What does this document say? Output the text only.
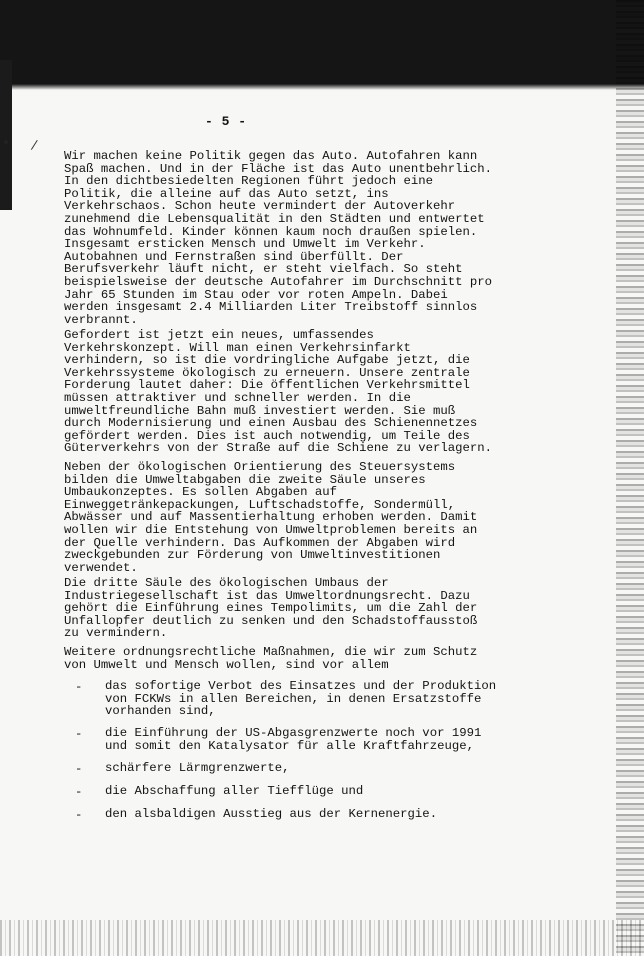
/
- 5 -

Wir machen keine Politik gegen das Auto. Autofahren kann
Spaß machen. Und in der Fläche ist das Auto unentbehrlich.
In den dichtbesiedelten Regionen führt jedoch eine
Politik, die alleine auf das Auto setzt, ins
Verkehrschaos. Schon heute vermindert der Autoverkehr
zunehmend die Lebensqualität in den Städten und entwertet
das Wohnumfeld. Kinder können kaum noch draußen spielen.
Insgesamt ersticken Mensch und Umwelt im Verkehr.
Autobahnen und Fernstraßen sind überfüllt. Der
Berufsverkehr läuft nicht, er steht vielfach. So steht
beispielsweise der deutsche Autofahrer im Durchschnitt pro
Jahr 65 Stunden im Stau oder vor roten Ampeln. Dabei
werden insgesamt 2.4 Milliarden Liter Treibstoff sinnlos
verbrannt.

Gefordert ist jetzt ein neues, umfassendes
Verkehrskonzept. Will man einen Verkehrsinfarkt
verhindern, so ist die vordringliche Aufgabe jetzt, die
Verkehrssysteme ökologisch zu erneuern. Unsere zentrale
Forderung lautet daher: Die öffentlichen Verkehrsmittel
müssen attraktiver und schneller werden. In die
umweltfreundliche Bahn muß investiert werden. Sie muß
durch Modernisierung und einen Ausbau des Schienennetzes
gefördert werden. Dies ist auch notwendig, um Teile des
Güterverkehrs von der Straße auf die Schiene zu verlagern.

Neben der ökologischen Orientierung des Steuersystems
bilden die Umweltabgaben die zweite Säule unseres
Umbaukonzeptes. Es sollen Abgaben auf
Einweggetränkepackungen, Luftschadstoffe, Sondermüll,
Abwässer und auf Massentierhaltung erhoben werden. Damit
wollen wir die Entstehung von Umweltproblemen bereits an
der Quelle verhindern. Das Aufkommen der Abgaben wird
zweckgebunden zur Förderung von Umweltinvestitionen
verwendet.

Die dritte Säule des ökologischen Umbaus der
Industriegesellschaft ist das Umweltordnungsrecht. Dazu
gehört die Einführung eines Tempolimits, um die Zahl der
Unfallopfer deutlich zu senken und den Schadstoffausstoß
zu vermindern.

Weitere ordnungsrechtliche Maßnahmen, die wir zum Schutz
von Umwelt und Mensch wollen, sind vor allem

- das sofortige Verbot des Einsatzes und der Produktion
von FCKWs in allen Bereichen, in denen Ersatzstoffe
vorhanden sind,

- die Einführung der US-Abgasgrenzwerte noch vor 1991
und somit den Katalysator für alle Kraftfahrzeuge,

- schärfere Lärmgrenzwerte,

- die Abschaffung aller Tiefflüge und

- den alsbaldigen Ausstieg aus der Kernenergie.
